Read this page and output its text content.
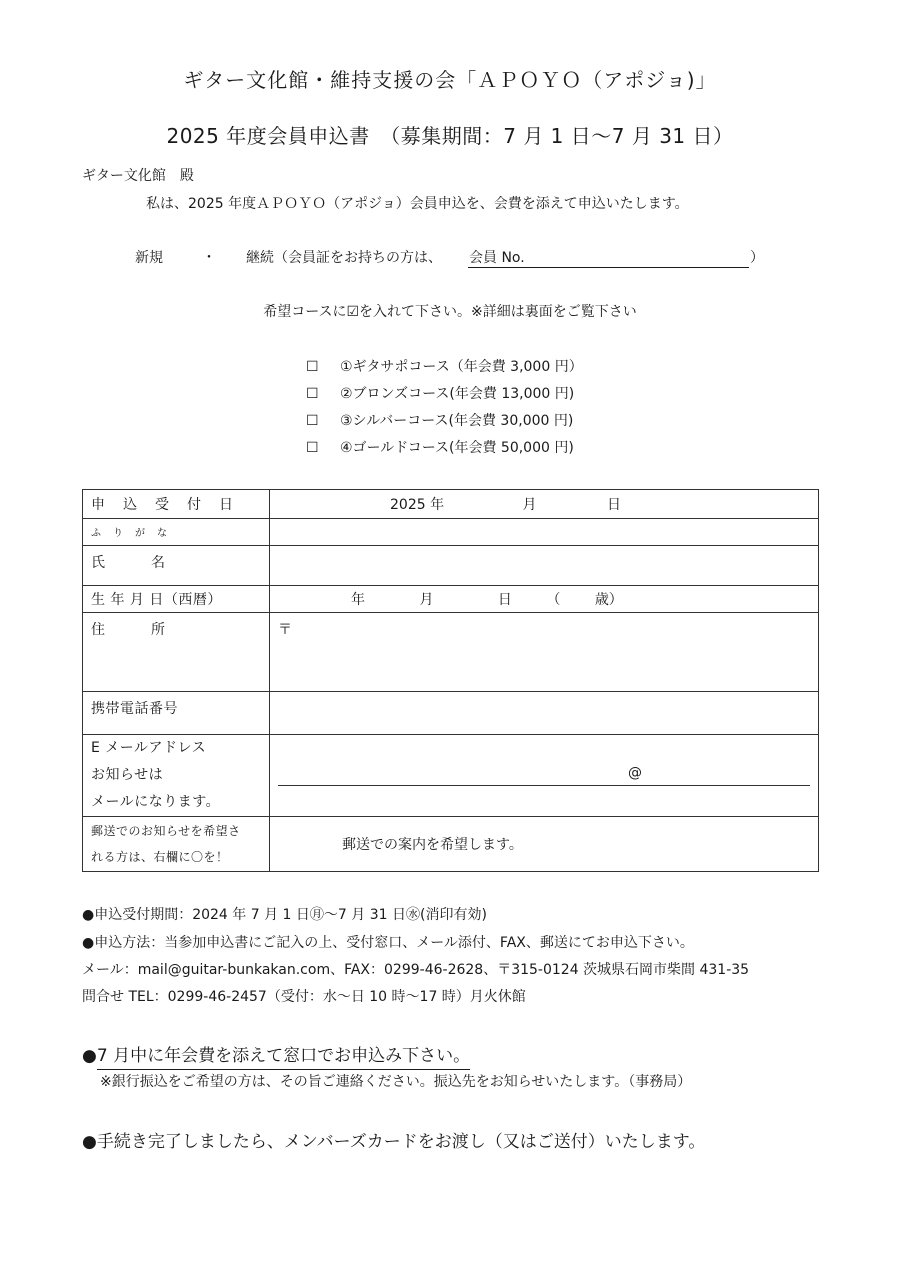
ギター文化館・維持支援の会「ＡＰＯＹＯ（アポジョ)」
2025 年度会員申込書　（募集期間：7 月 1 日～7 月 31 日）
ギター文化館　殿
私は、2025 年度ＡＰＯＹＯ（アポジョ）会員申込を、会費を添えて申込いたします。
新規	・ 継続（会員証をお持ちの方は、 会員 No.	）
希望コースに☑を入れて下さい。※詳細は裏面をご覧下さい
☐ ①ギタサポコース（年会費 3,000 円）
☐ ②ブロンズコース(年会費 13,000 円)
☐ ③シルバーコース(年会費 30,000 円)
☐ ④ゴールドコース(年会費 50,000 円)
申込受付日	2025 年 月 日
ふりがな	
氏名	
生 年 月 日（西暦）	年 月 日 （ 歳）
住所	〒
携帯電話番号	

E メールアドレス
お知らせは
メールになります。	@

郵送でのお知らせを希望さ
れる方は、右欄に〇を！	郵送での案内を希望します。
●申込受付期間：2024 年 7 月 1 日㊊～7 月 31 日㊌(消印有効)
●申込方法：当参加申込書にご記入の上、受付窓口、メール添付、FAX、郵送にてお申込下さい。
メール：mail@guitar-bunkakan.com、FAX：0299-46-2628、〒315-0124 茨城県石岡市柴間 431-35
問合せ TEL：0299-46-2457（受付：水～日 10 時～17 時）月火休館
●7 月中に年会費を添えて窓口でお申込み下さい。
※銀行振込をご希望の方は、その旨ご連絡ください。振込先をお知らせいたします。（事務局）
●手続き完了しましたら、メンバーズカードをお渡し（又はご送付）いたします。
